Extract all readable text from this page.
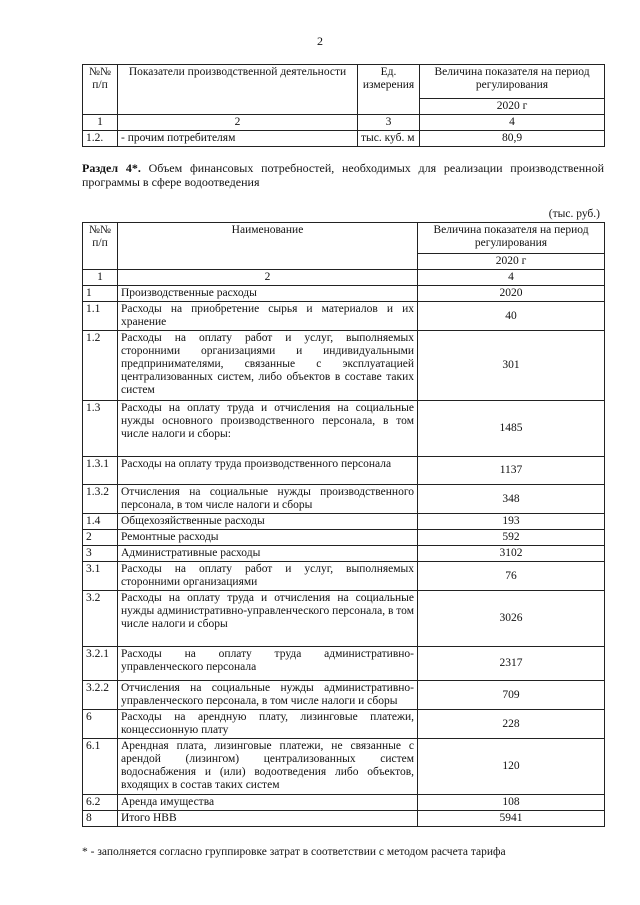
2
№№ п/п	Показатели производственной деятельности	Ед. измерения	Величина показателя на период регулирования
			2020 г
1	2	3	4
1.2.	- прочим потребителям	тыс. куб. м	80,9
Раздел 4*. Объем финансовых потребностей, необходимых для реализации производственной программы в сфере водоотведения
(тыс. руб.)
№№ п/п	Наименование	Величина показателя на период регулирования
		2020 г
1	2	4
1	Производственные расходы	2020
1.1	Расходы на приобретение сырья и материалов и их хранение	40
1.2	Расходы на оплату работ и услуг, выполняемых сторонними организациями и индивидуальными предпринимателями, связанные с эксплуатацией централизованных систем, либо объектов в составе таких систем	301
1.3	Расходы на оплату труда и отчисления на социальные нужды основного производственного персонала, в том числе налоги и сборы:	1485
1.3.1	Расходы на оплату труда производственного персонала	1137
1.3.2	Отчисления на социальные нужды производственного персонала, в том числе налоги и сборы	348
1.4	Общехозяйственные расходы	193
2	Ремонтные расходы	592
3	Административные расходы	3102
3.1	Расходы на оплату работ и услуг, выполняемых сторонними организациями	76
3.2	Расходы на оплату труда и отчисления на социальные нужды административно-управленческого персонала, в том числе налоги и сборы	3026
3.2.1	Расходы на оплату труда административно-управленческого персонала	2317
3.2.2	Отчисления на социальные нужды административно-управленческого персонала, в том числе налоги и сборы	709
6	Расходы на арендную плату, лизинговые платежи, концессионную плату	228
6.1	Арендная плата, лизинговые платежи, не связанные с арендой (лизингом) централизованных систем водоснабжения и (или) водоотведения либо объектов, входящих в состав таких систем	120
6.2	Аренда имущества	108
8	Итого НВВ	5941
* - заполняется согласно группировке затрат в соответствии с методом расчета тарифа
